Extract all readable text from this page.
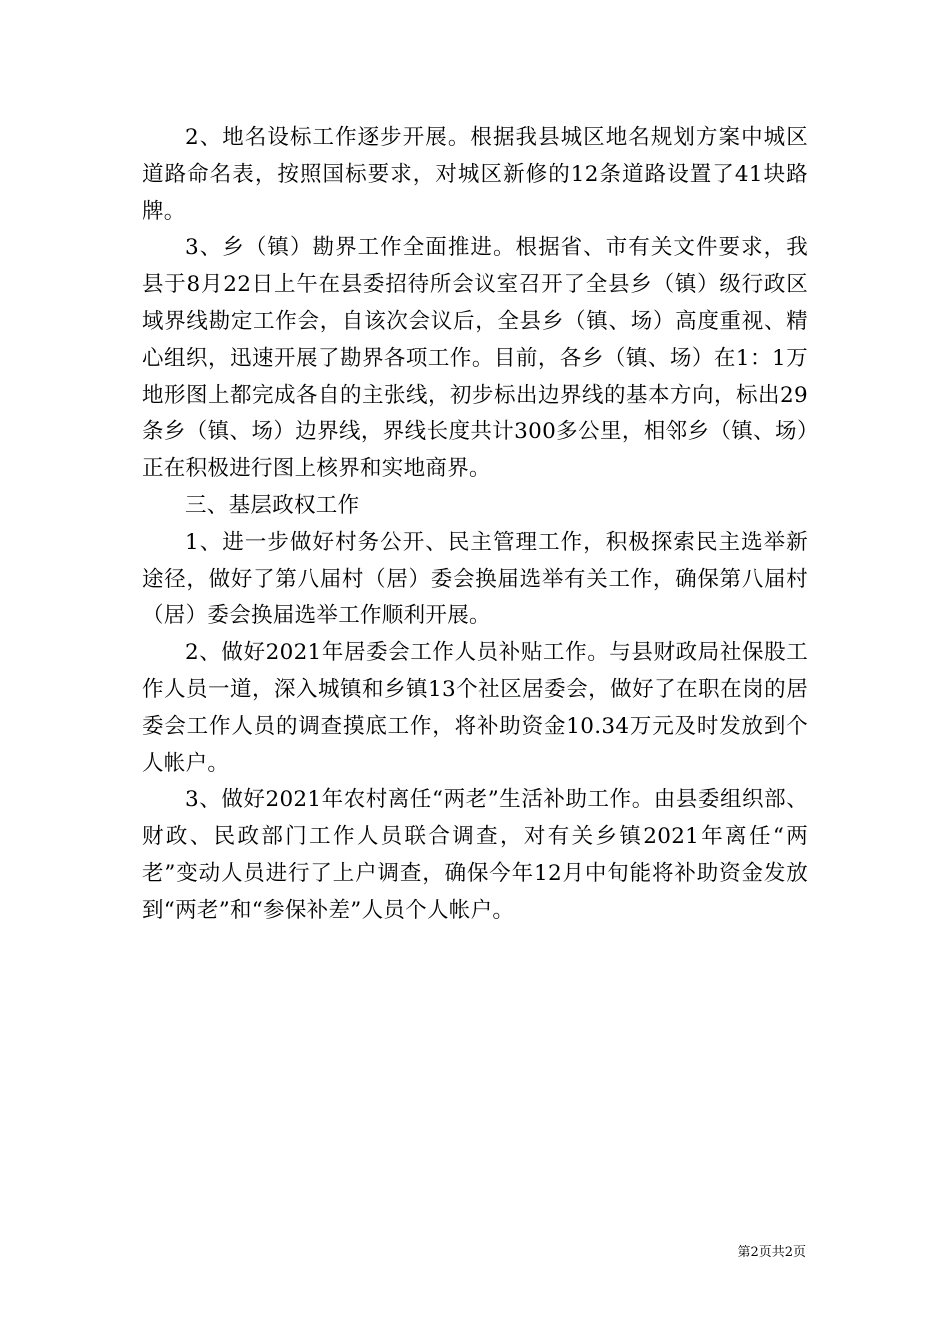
2、地名设标工作逐步开展。根据我县城区地名规划方案中城区道路命名表，按照国标要求，对城区新修的12条道路设置了41块路牌。

3、乡（镇）勘界工作全面推进。根据省、市有关文件要求，我县于8月22日上午在县委招待所会议室召开了全县乡（镇）级行政区域界线勘定工作会，自该次会议后，全县乡（镇、场）高度重视、精心组织，迅速开展了勘界各项工作。目前，各乡（镇、场）在1：1万地形图上都完成各自的主张线，初步标出边界线的基本方向，标出29条乡（镇、场）边界线，界线长度共计300多公里，相邻乡（镇、场）正在积极进行图上核界和实地商界。

三、基层政权工作

1、进一步做好村务公开、民主管理工作，积极探索民主选举新途径，做好了第八届村（居）委会换届选举有关工作，确保第八届村（居）委会换届选举工作顺利开展。

2、做好2021年居委会工作人员补贴工作。与县财政局社保股工作人员一道，深入城镇和乡镇13个社区居委会，做好了在职在岗的居委会工作人员的调查摸底工作，将补助资金10.34万元及时发放到个人帐户。

3、做好2021年农村离任“两老”生活补助工作。由县委组织部、财政、民政部门工作人员联合调查，对有关乡镇2021年离任“两老”变动人员进行了上户调查，确保今年12月中旬能将补助资金发放到“两老”和“参保补差”人员个人帐户。

第2页共2页
